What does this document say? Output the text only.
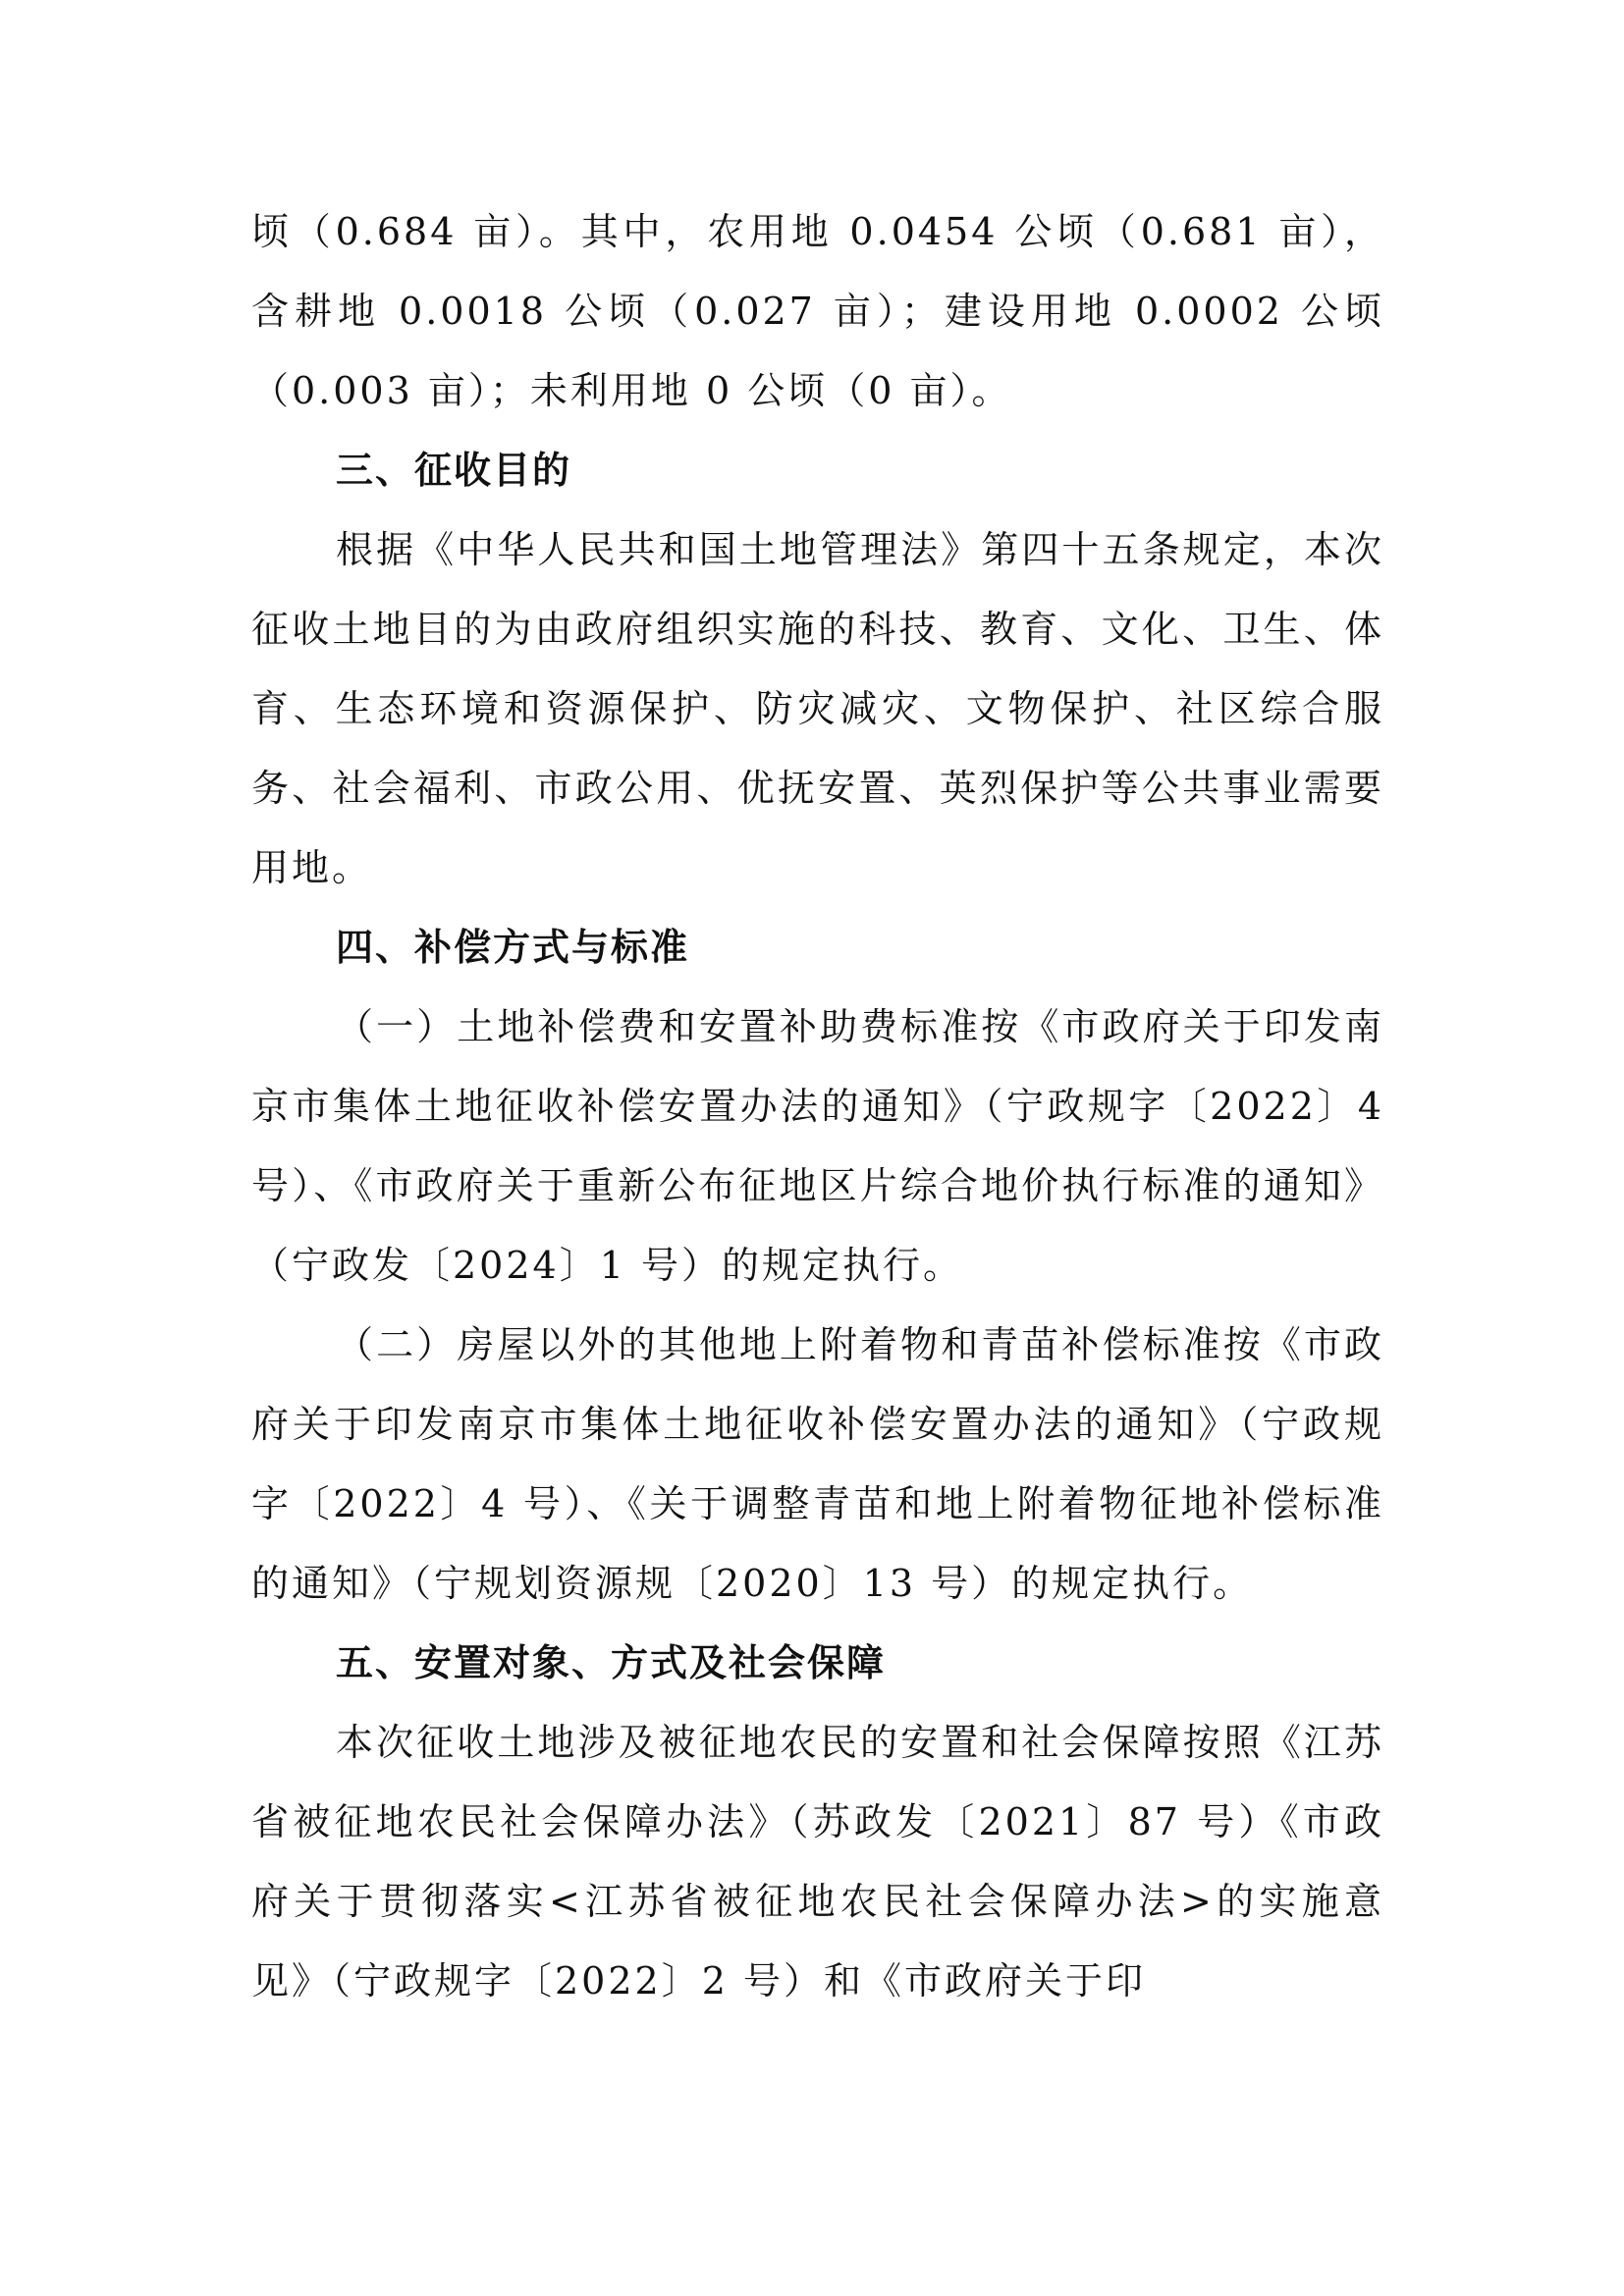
顷（0.684 亩）。其中，农用地 0.0454 公顷（0.681 亩），含耕地 0.0018 公顷（0.027 亩）；建设用地 0.0002 公顷（0.003 亩）；未利用地 0 公顷（0 亩）。

三、征收目的

根据《中华人民共和国土地管理法》第四十五条规定，本次征收土地目的为由政府组织实施的科技、教育、文化、卫生、体育、生态环境和资源保护、防灾减灾、文物保护、社区综合服务、社会福利、市政公用、优抚安置、英烈保护等公共事业需要用地。

四、补偿方式与标准

（一）土地补偿费和安置补助费标准按《市政府关于印发南京市集体土地征收补偿安置办法的通知》（宁政规字〔2022〕4 号）、《市政府关于重新公布征地区片综合地价执行标准的通知》（宁政发〔2024〕1 号）的规定执行。

（二）房屋以外的其他地上附着物和青苗补偿标准按《市政府关于印发南京市集体土地征收补偿安置办法的通知》（宁政规字〔2022〕4 号）、《关于调整青苗和地上附着物征地补偿标准的通知》（宁规划资源规〔2020〕13 号）的规定执行。

五、安置对象、方式及社会保障

本次征收土地涉及被征地农民的安置和社会保障按照《江苏省被征地农民社会保障办法》（苏政发〔2021〕87 号）《市政府关于贯彻落实<江苏省被征地农民社会保障办法>的实施意见》（宁政规字〔2022〕2 号）和《市政府关于印
